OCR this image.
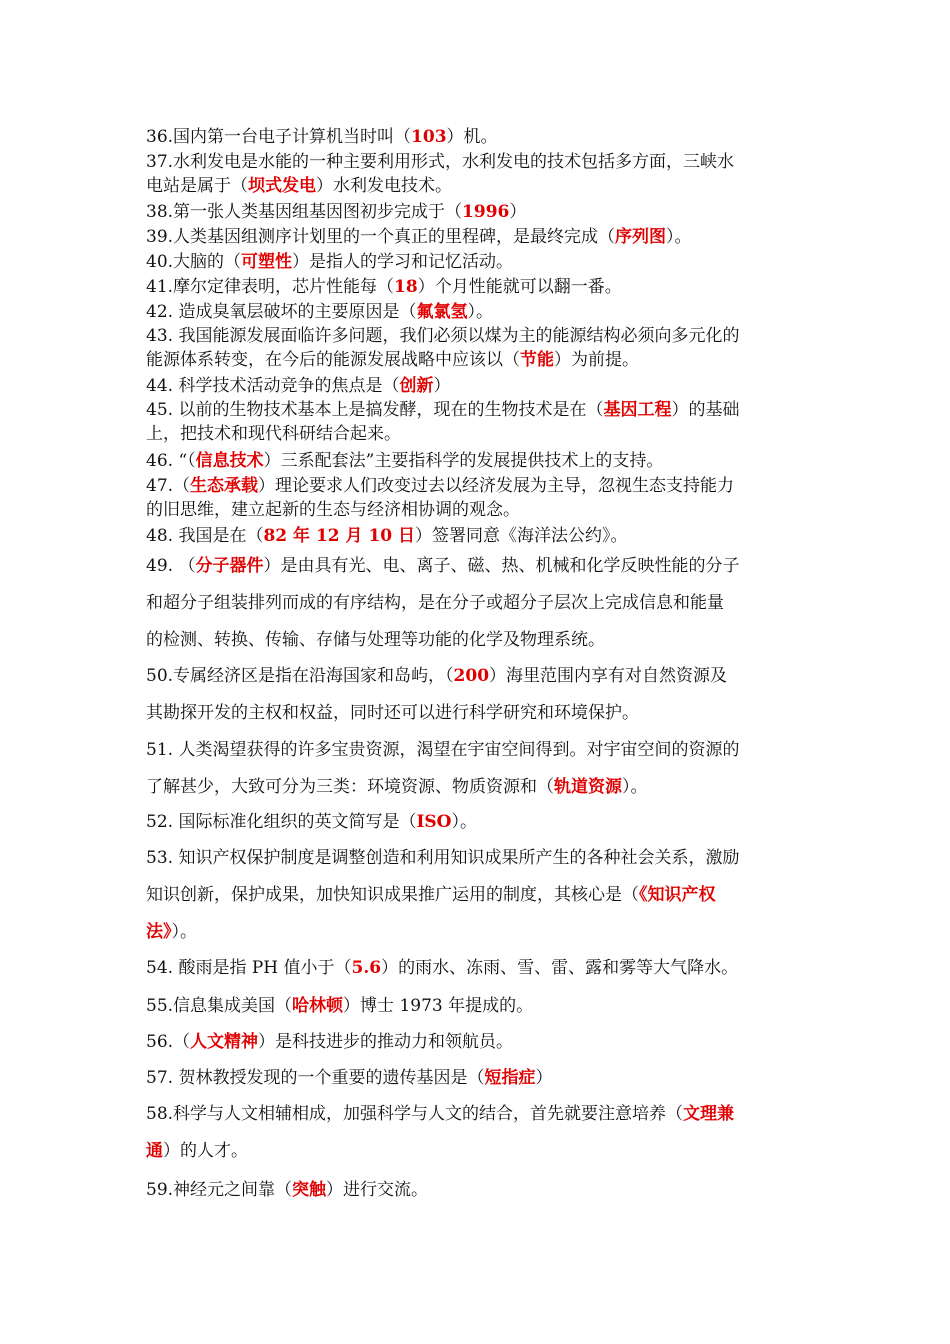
36.国内第一台电子计算机当时叫（103）机。
37.水利发电是水能的一种主要利用形式，水利发电的技术包括多方面，三峡水
电站是属于（坝式发电）水利发电技术。
38.第一张人类基因组基因图初步完成于（1996）
39.人类基因组测序计划里的一个真正的里程碑，是最终完成（序列图）。
40.大脑的（可塑性）是指人的学习和记忆活动。
41.摩尔定律表明，芯片性能每（18）个月性能就可以翻一番。
42. 造成臭氧层破坏的主要原因是（氟氯氢）。
43. 我国能源发展面临许多问题，我们必须以煤为主的能源结构必须向多元化的
能源体系转变，在今后的能源发展战略中应该以（节能）为前提。
44. 科学技术活动竞争的焦点是（创新）
45. 以前的生物技术基本上是搞发酵，现在的生物技术是在（基因工程）的基础
上，把技术和现代科研结合起来。
46. “（信息技术）三系配套法”主要指科学的发展提供技术上的支持。
47.（生态承载）理论要求人们改变过去以经济发展为主导，忽视生态支持能力
的旧思维，建立起新的生态与经济相协调的观念。
48. 我国是在（82 年 12 月 10 日）签署同意《海洋法公约》。
49. （分子器件）是由具有光、电、离子、磁、热、机械和化学反映性能的分子
和超分子组装排列而成的有序结构，是在分子或超分子层次上完成信息和能量
的检测、转换、传输、存储与处理等功能的化学及物理系统。
50.专属经济区是指在沿海国家和岛屿，（200）海里范围内享有对自然资源及
其勘探开发的主权和权益，同时还可以进行科学研究和环境保护。
51. 人类渴望获得的许多宝贵资源，渴望在宇宙空间得到。对宇宙空间的资源的
了解甚少，大致可分为三类：环境资源、物质资源和（轨道资源）。
52. 国际标准化组织的英文简写是（ISO）。
53. 知识产权保护制度是调整创造和利用知识成果所产生的各种社会关系，激励
知识创新，保护成果，加快知识成果推广运用的制度，其核心是（《知识产权
法》）。
54. 酸雨是指 PH 值小于（5.6）的雨水、冻雨、雪、雷、露和雾等大气降水。
55.信息集成美国（哈林顿）博士 1973 年提成的。
56.（人文精神）是科技进步的推动力和领航员。
57. 贺林教授发现的一个重要的遗传基因是（短指症）
58.科学与人文相辅相成，加强科学与人文的结合，首先就要注意培养（文理兼
通）的人才。
59.神经元之间靠（突触）进行交流。
